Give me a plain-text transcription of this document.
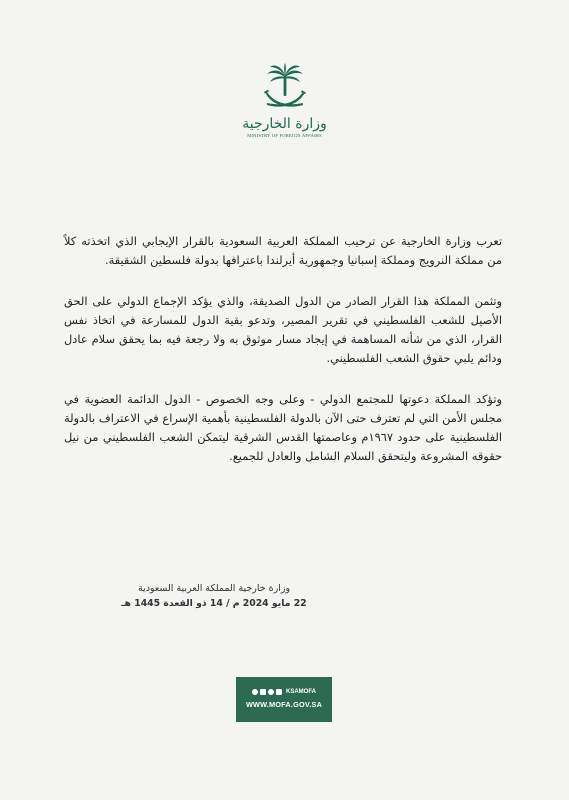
وزارة الخارجية
MINISTRY OF FOREIGN AFFAIRS

تعرب وزارة الخارجية عن ترحيب المملكة العربية السعودية بالقرار الإيجابي الذي اتخذته كلاً من مملكة النرويج ومملكة إسبانيا وجمهورية أيرلندا باعترافها بدولة فلسطين الشقيقة.

وتثمن المملكة هذا القرار الصادر من الدول الصديقة، والذي يؤكد الإجماع الدولي على الحق الأصيل للشعب الفلسطيني في تقرير المصير، وتدعو بقية الدول للمسارعة في اتخاذ نفس القرار، الذي من شأنه المساهمة في إيجاد مسار موثوق به ولا رجعة فيه بما يحقق سلام عادل ودائم يلبي حقوق الشعب الفلسطيني.

وتؤكد المملكة دعوتها للمجتمع الدولي - وعلى وجه الخصوص - الدول الدائمة العضوية في مجلس الأمن التي لم تعترف حتى الآن بالدولة الفلسطينية بأهمية الإسراع في الاعتراف بالدولة الفلسطينية على حدود ١٩٦٧م وعاصمتها القدس الشرقية ليتمكن الشعب الفلسطيني من نيل حقوقه المشروعة وليتحقق السلام الشامل والعادل للجميع.

وزارة خارجية المملكة العربية السعودية
22 مايو 2024 م / 14 ذو القعدة 1445 هـ
KSAMOFA
WWW.MOFA.GOV.SA
